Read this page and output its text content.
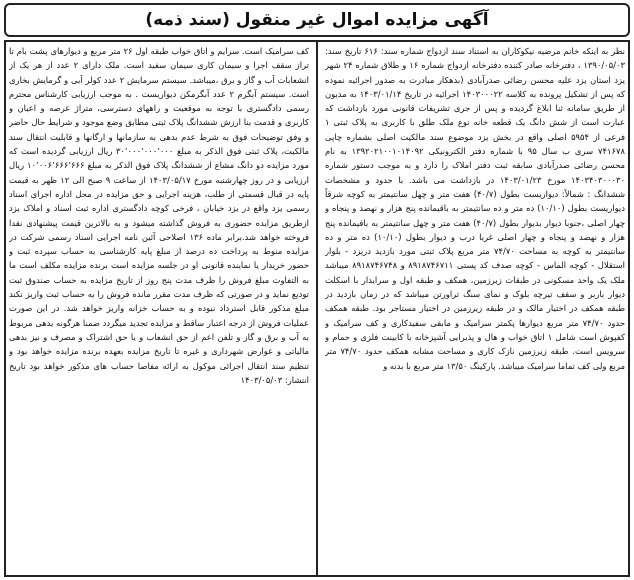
آگهی مزایده اموال غیر منقول (سند ذمه)

نظر به اینکه خانم مرضیه نیکوکاران به استناد سند ازدواج شماره سند: ۶۱۶ تاریخ سند: ۱۳۹۰/۰۵/۰۳ ، دفترخانه صادر کننده دفترخانه ازدواج شماره ۱۶ و طلاق شماره ۲۴ شهر یزد استان یزد علیه محسن رضائی صدرآبادی (بدهکار مبادرت به صدور اجرائیه نموده که پس از تشکیل پرونده به کلاسه ۱۴۰۳۰۰۰۲۲ اجرائیه در تاریخ ۱۴۰۳/۰۱/۱۴ به مدیون از طریق سامانه ثنا ابلاغ گردیده و پس از جری تشریفات قانونی مورد بازداشت که عبارت است از شش دانگ یک قطعه خانه نوع ملک طلق با کاربری به پلاک ثبتی ۱ فرعی از ۵۹۵۴ اصلی واقع در بخش یزد موضوع سند مالکیت اصلی بشماره چاپی ۷۴۱۶۷۸ سری ب سال ۹۵ با شماره دفتر الکترونیکی ۱۳۹۲۰۲۱۰۰۱۰۱۴۰۹۲ به نام محسن رضائی صدرآبادی سابقه ثبت دفتر املاک را دارد و به موجب دستور شماره ۱۴۰۳۴۰۳۰۰۰۳۰ مورخ ۱۴۰۳/۰۱/۲۳ در بازداشت می باشد. با حدود و مشخصات ششدانگ : شمالاً: دیواریست بطول (۴۰/۷) هفت متر و چهل سانتیمتر به کوچه شرقاً دیواریست بطول (۱۰/۱۰) ده متر و ده سانتیمتر به باقیمانده پنج هزار و نهصد و پنجاه و چهار اصلی ،جنوبا دیوار بدیوار بطول (۴۰/۷) هفت متر و چهل سانتیمتر به باقیمانده پنج هزار و نهصد و پنجاه و چهار اصلی غربا درب و دیوار بطول (۱۰/۱۰) ده متر و ده سانتیمتر به کوچه به مساحت ۷۴/۷۰ متر مربع پلاک ثبتی مورد بازدید دریزد - بلوار استقلال - کوچه الماس - کوچه صدف کد پستی ۸۹۱۸۷۴۶۷۱۱ و ۸۹۱۸۷۴۶۷۴۸ میباشد ملک یک واحد مسکونی در طبقات زیرزمین، همکف و طبقه اول و سرایدار با اسکلت دیوار باربر و سقف تیرچه بلوک و نمای سنگ تراورتن میباشد که در زمان بازدید در طبقه همکف در اختیار مالک و در طبقه زیرزمین در اختیار مستاجر بود. طبقه همکف حدود ۷۴/۷۰ متر مربع دیوارها پکمتر سرامیک و مابقی سفیدکاری و کف سرامیک و کفپوش است شامل ۱ اتاق خواب و هال و پذیرایی آشپزخانه با کابینت فلزی و حمام و سرویس است. طبقه زیرزمین نازک کاری و مساحت مشابه همکف حدود ۷۴/۷۰ متر مربع ولی کف تماما سرامیک میباشد. پارکینگ ۱۳/۵۰ متر مربع با بدنه و

کف سرامیک است. سرایم و اتاق خواب طبقه اول ۲۶ متر مربع و دیوارهای پشت بام تا تراز سقف اجرا و سیمان کاری سیمان سفید است. ملک دارای ۲ عدد از هر یک از انشعابات آب و گاز و برق ،میباشد. سیستم سرمایش ۲ عدد کولر آبی و گرمایش بخاری است. سیستم آبگرم ۲ عدد آبگرمکن دیواریست . به موجب ارزیابی کارشناس محترم رسمی دادگستری با توجه به موقعیت و راههای دسترسی، متراژ عرصه و اعیان و کاربری و قدمت بنا ارزش ششدانگ پلاک ثبتی مطابق وضع موجود و شرایط حال حاضر و وفق توضیحات فوق به شرط عدم بدهی به سازمانها و ارگانها و قابلیت انتقال سند مالکیت، پلاک ثبتی فوق الذکر به مبلغ ۳۰٬۰۰۰٬۰۰۰٬۰۰۰ ریال ارزیابی گردیده است که مورد مزایده دو دانگ مشاع از ششدانگ پلاک فوق الذکر به مبلغ ۱۰٬۰۰۶٬۶۶۶٬۶۶۶ ریال ارزیابی و در روز چهارشنبه مورخ ۱۴۰۳/۰۵/۱۷ از ساعت ۹ صبح الی ۱۲ ظهر به قیمت پایه در قبال قسمتی از طلب، هزینه اجرایی و حق مزایده در محل اداره اجرای اسناد رسمی یزد واقع در یزد خیابان ، فرخی کوچه دادگستری اداره ثبت اسناد و املاک یزد ازطریق مزایده حضوری به فروش گذاشته میشود و به بالاترین قیمت پیشنهادی نقدا فروخته خواهد شد.برابر ماده ۱۳۶ اصلاحی آئین نامه اجرایی اسناد رسمی شرکت در مزایده منوط به پرداخت ده درصد از مبلغ پایه کارشناسی به حساب سپرده ثبت و حضور خریدار یا نماینده قانونی او در جلسه مزایده است برنده مزایده مکلف است ما به التفاوت مبلغ فروش را ظرف مدت پنج روز از تاریخ مزایده به حساب صندوق ثبت توديع نماید و در صورتی که ظرف مدت مقرر مانده فروش را به حساب ثبت واریز نکند مبلغ مذکور قابل استرداد نبوده و به حساب خزانه واریز خواهد شد. در این صورت عملیات فروش از درجه اعتبار ساقط و مزایده تجدید میگردد ضمنا هرگونه بدهی مربوط به آب و برق و گاز و تلفن اعم از حق انشعاب و یا حق اشتراک و مصرف و نیز بدهی مالیاتی و عوارض شهرداری و غیره تا تاریخ مزایده بعهده برنده مزایده خواهد بود و تنظیم سند انتقال اجرائی موکول به ارائه مفاصا حساب های مذکور خواهد بود تاریخ انتشار: ۱۴۰۳/۰۵/۰۳
